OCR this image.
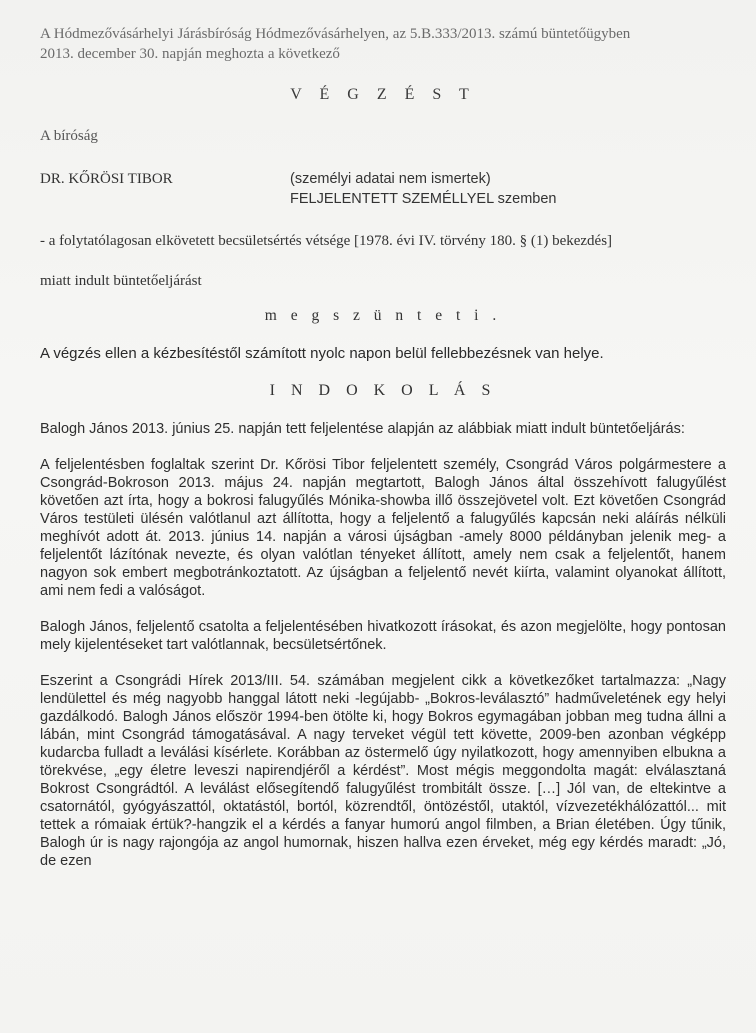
A Hódmezővásárhelyi Járásbíróság Hódmezővásárhelyen, az 5.B.333/2013. számú büntetőügyben

2013. december 30. napján meghozta a következő

V É G Z É S T
A bíróság
DR. KŐRÖSI TIBOR	(személyi adatai nem ismertek)

FELJELENTETT SZEMÉLLYEL szemben

- a folytatólagosan elkövetett becsületsértés vétsége [1978. évi IV. törvény 180. § (1) bekezdés]

miatt indult büntetőeljárást

m e g s z ü n t e t i .

A végzés ellen a kézbesítéstől számított nyolc napon belül fellebbezésnek van helye.

I N D O K O L Á S

Balogh János 2013. június 25. napján tett feljelentése alapján az alábbiak miatt indult büntetőeljárás:

A feljelentésben foglaltak szerint Dr. Kőrösi Tibor feljelentett személy, Csongrád Város polgármestere a Csongrád-Bokroson 2013. május 24. napján megtartott, Balogh János által összehívott falugyűlést követően azt írta, hogy a bokrosi falugyűlés Mónika-showba illő összejövetel volt. Ezt követően Csongrád Város testületi ülésén valótlanul azt állította, hogy a feljelentő a falugyűlés kapcsán neki aláírás nélküli meghívót adott át. 2013. június 14. napján a városi újságban -amely 8000 példányban jelenik meg- a feljelentőt lázítónak nevezte, és olyan valótlan tényeket állított, amely nem csak a feljelentőt, hanem nagyon sok embert megbotránkoztatott. Az újságban a feljelentő nevét kiírta, valamint olyanokat állított, ami nem fedi a valóságot.

Balogh János, feljelentő csatolta a feljelentésében hivatkozott írásokat, és azon megjelölte, hogy pontosan mely kijelentéseket tart valótlannak, becsületsértőnek.

Eszerint a Csongrádi Hírek 2013/III. 54. számában megjelent cikk a következőket tartalmazza: „Nagy lendülettel és még nagyobb hanggal látott neki -legújabb- „Bokros-leválasztó” hadműveletének egy helyi gazdálkodó. Balogh János először 1994-ben ötölte ki, hogy Bokros egymagában jobban meg tudna állni a lábán, mint Csongrád támogatásával. A nagy terveket végül tett követte, 2009-ben azonban végképp kudarcba fulladt a leválási kísérlete. Korábban az östermelő úgy nyilatkozott, hogy amennyiben elbukna a törekvése, „egy életre leveszi napirendjéről a kérdést”. Most mégis meggondolta magát: elválasztaná Bokrost Csongrádtól. A leválást elősegítendő falugyűlést trombitált össze. […] Jól van, de eltekintve a csatornától, gyógyászattól, oktatástól, bortól, közrendtől, öntözéstől, utaktól, vízvezetékhálózattól... mit tettek a rómaiak értük?-hangzik el a kérdés a fanyar humorú angol filmben, a Brian életében. Úgy tűnik, Balogh úr is nagy rajongója az angol humornak, hiszen hallva ezen érveket, még egy kérdés maradt: „Jó, de ezen
